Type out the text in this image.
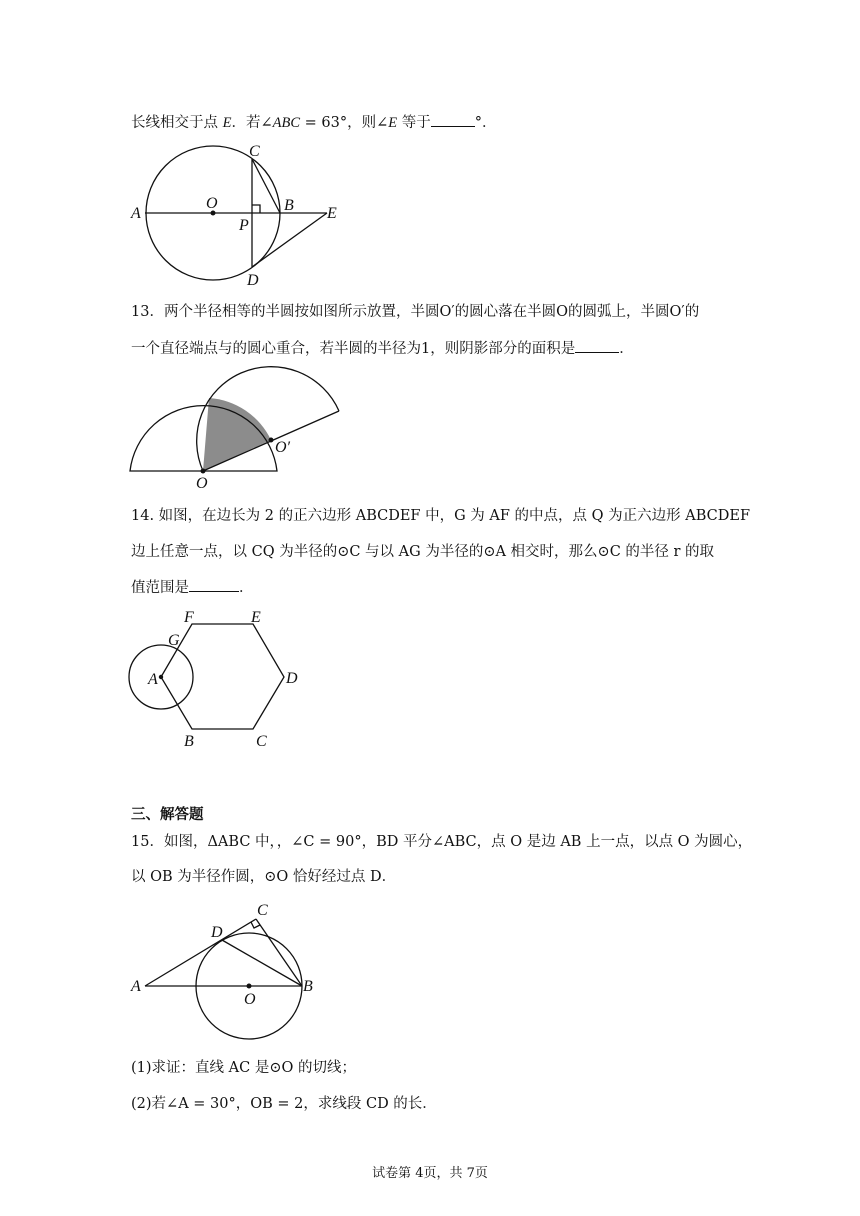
长线相交于点 E．若∠ABC = 63°，则∠E 等于	°．
C
O	B E
A
P
D
13．两个半径相等的半圆按如图所示放置，半圆O′的圆心落在半圆O的圆弧上，半圆O′的
一个直径端点与的圆心重合，若半圆的半径为1，则阴影部分的面积是	．
O
O′
14. 如图，在边长为 2 的正六边形 ABCDEF 中，G 为 AF 的中点，点 Q 为正六边形 ABCDEF
边上任意一点，以 CQ 为半径的⊙C 与以 AG 为半径的⊙A 相交时，那么⊙C 的半径 r 的取
值范围是	．
F	E
G
A	D
B	C
三、解答题
15．如图，ΔABC 中，，∠C = 90°，BD 平分∠ABC，点 O 是边 AB 上一点，以点 O 为圆心，
以 OB 为半径作圆，⊙O 恰好经过点 D．
C
D
A
O
B
(1)求证：直线 AC 是⊙O 的切线；
(2)若∠A = 30°，OB = 2，求线段 CD 的长．
试卷第 4页，共 7页
